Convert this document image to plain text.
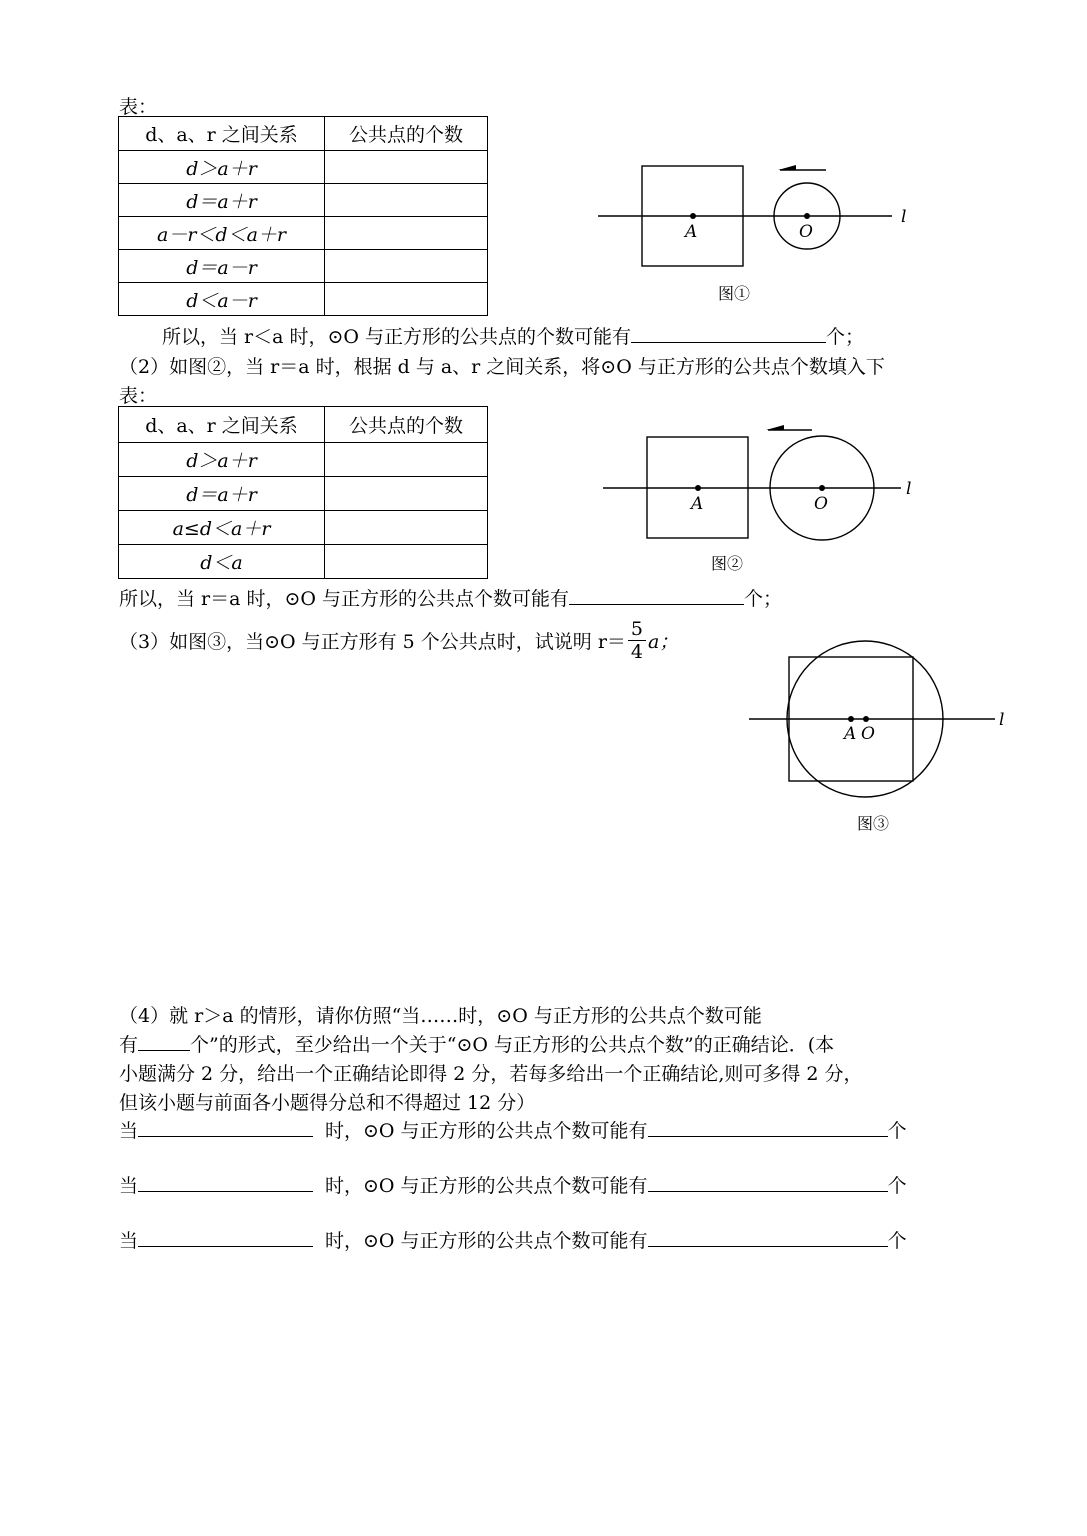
表：
d、a、r 之间关系	公共点的个数
d＞a＋r	
d＝a＋r	
a－r＜d＜a＋r	
d＝a－r	
d＜a－r	
A	O
l
图①
所以，当 r＜a 时，⊙O 与正方形的公共点的个数可能有	个；
（2）如图②，当 r＝a 时，根据 d 与 a、r 之间关系，将⊙O 与正方形的公共点个数填入下
表：
d、a、r 之间关系	公共点的个数
d＞a＋r	
d＝a＋r	
a≤d＜a＋r	
d＜a	
A	O
l
图②
所以，当 r＝a 时，⊙O 与正方形的公共点个数可能有	个；
（3）如图③，当⊙O 与正方形有 5 个公共点时，试说明 $r= \frac{5}{4}$ a；
A O
l
图③
（4）就 r＞a 的情形，请你仿照“当……时，⊙O 与正方形的公共点个数可能
有	个”的形式，至少给出一个关于“⊙O 与正方形的公共点个数”的正确结论．(本
小题满分 2 分，给出一个正确结论即得 2 分，若每多给出一个正确结论,则可多得 2 分，
但该小题与前面各小题得分总和不得超过 12 分）
当	时，⊙O 与正方形的公共点个数可能有	个
当	时，⊙O 与正方形的公共点个数可能有	个
当	时，⊙O 与正方形的公共点个数可能有	个
